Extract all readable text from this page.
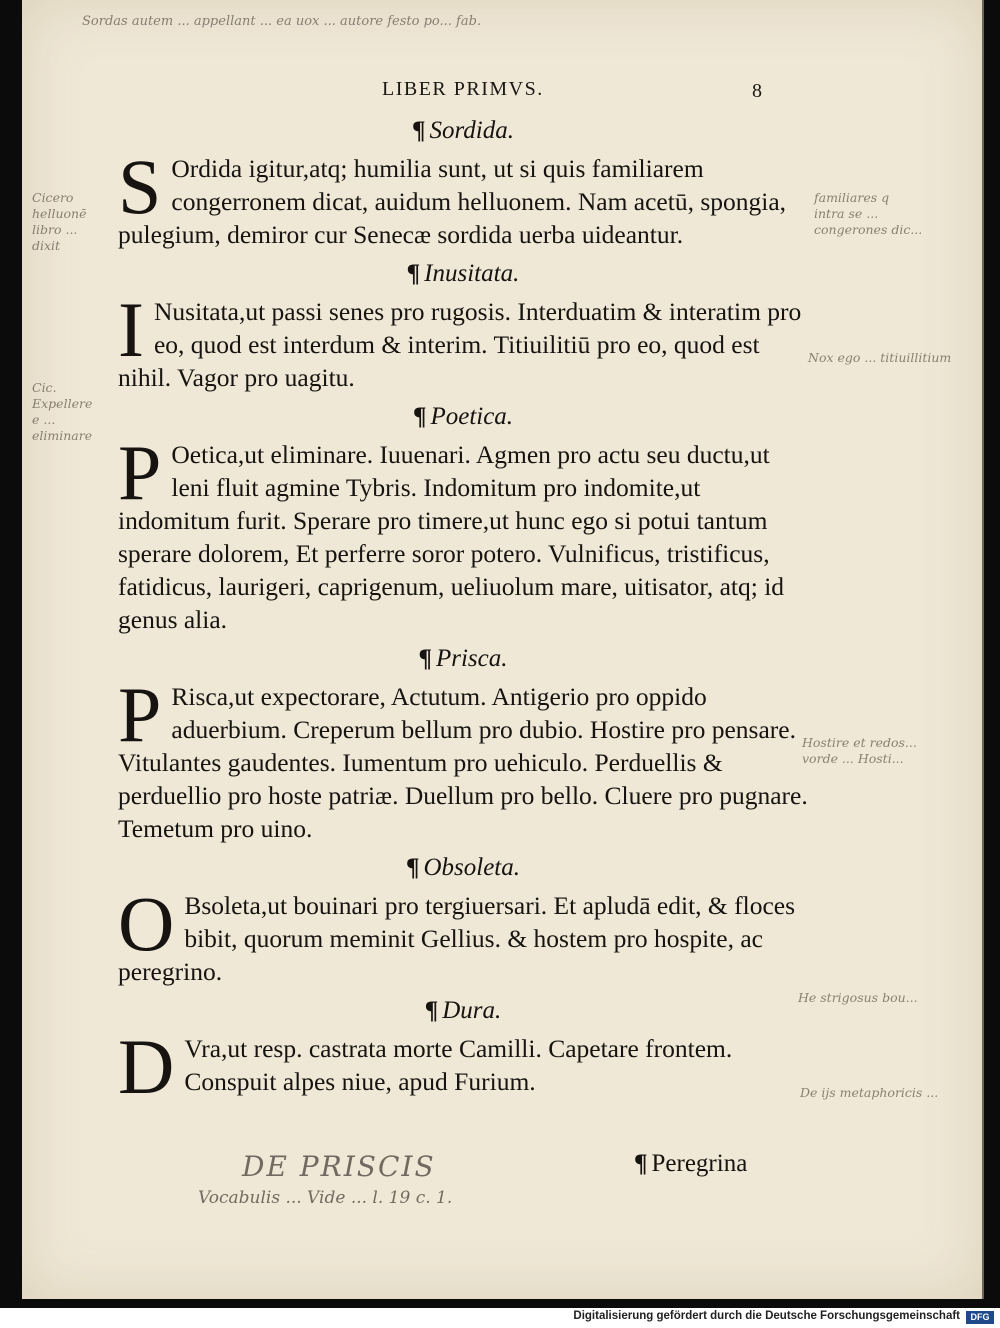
LIBER PRIMVS.	8
¶ Sordida.

S Ordida igitur,atq; humilia sunt, ut si quis familiarem congerronem dicat, auidum helluonem. Nam acetū, spongia, pulegium, demiror cur Senecæ sordida uerba uideantur.

¶ Inusitata.

I Nusitata,ut passi senes pro rugosis. Interduatim & interatim pro eo, quod est interdum & interim. Titiuilitiū pro eo, quod est nihil. Vagor pro uagitu.

¶ Poetica.

P Oetica,ut eliminare. Iuuenari. Agmen pro actu seu ductu,ut leni fluit agmine Tybris. Indomitum pro indomite,ut indomitum furit. Sperare pro timere,ut hunc ego si potui tantum sperare dolorem, Et perferre soror potero. Vulnificus, tristificus, fatidicus, laurigeri, caprigenum, ueliuolum mare, uitisator, atq; id genus alia.

¶ Prisca.

P Risca,ut expectorare, Actutum. Antigerio pro oppido aduerbium. Creperum bellum pro dubio. Hostire pro pensare. Vitulantes gaudentes. Iumentum pro uehiculo. Perduellis & perduellio pro hoste patriæ. Duellum pro bello. Cluere pro pugnare. Temetum pro uino.

¶ Obsoleta.

O Bsoleta,ut bouinari pro tergiuersari. Et apludā edit, & floces bibit, quorum meminit Gellius. & hostem pro hospite, ac peregrino.

¶ Dura.

D Vra,ut resp. castrata morte Camilli. Capetare frontem. Conspuit alpes niue, apud Furium.

¶ Peregrina
Sordas autem ... appellant ... ea uox ... autore festo po... fab.
familiares q
intra se ...
congerones dic...
Nox ego ... titiuillitium
Hostire et redos...
vorde ... Hosti...
He strigosus bou...
De ijs metaphoricis ...
Cicero
helluonē
libro ...
dixit
Cic.
Expellere
e ...
eliminare
DE PRISCIS
Vocabulis ... Vide ... l. 19 c. 1.
Digitalisierung gefördert durch die Deutsche Forschungsgemeinschaft	DFG
